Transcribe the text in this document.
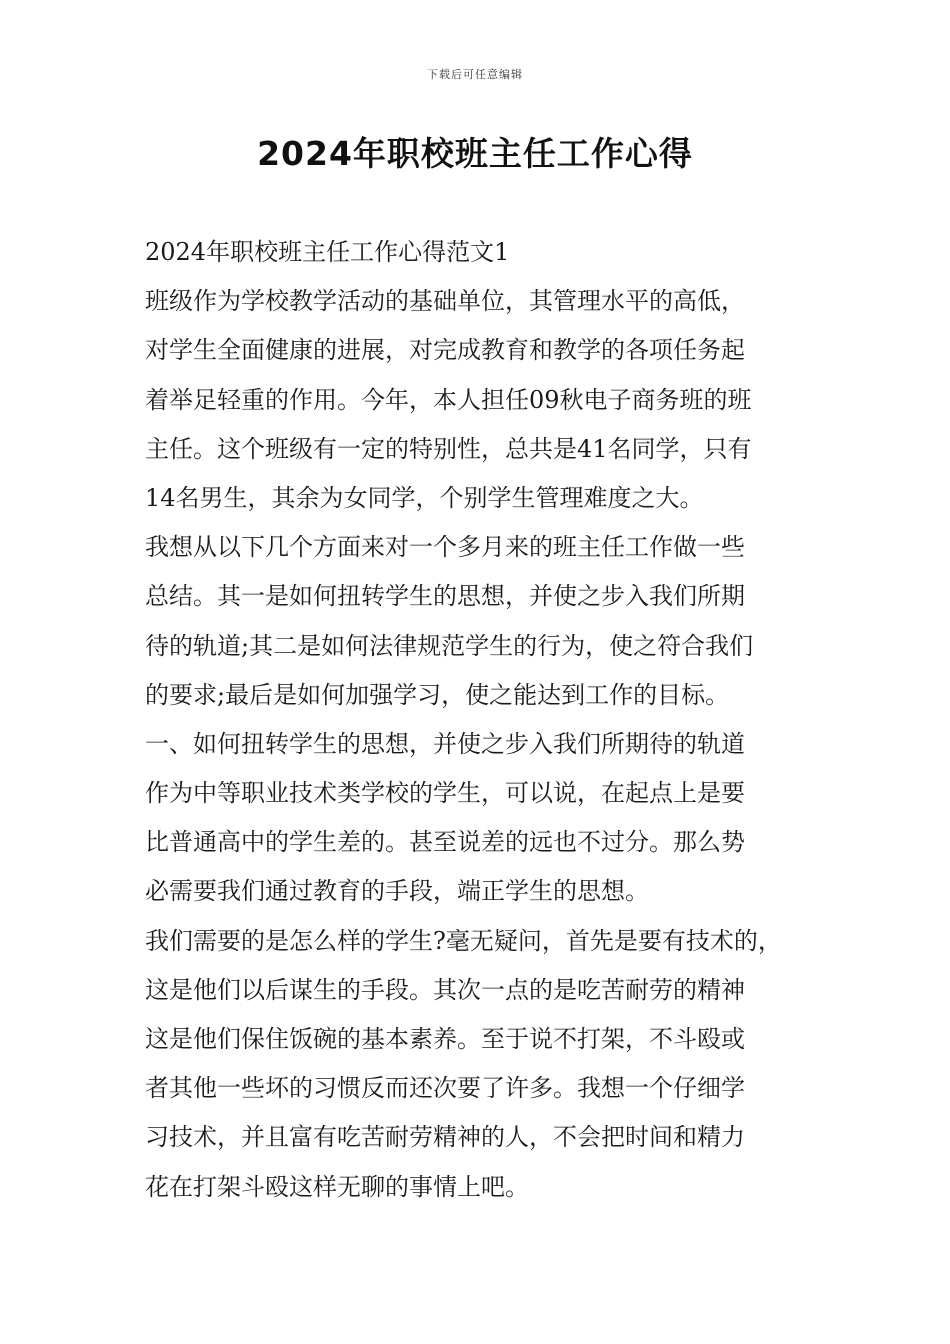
下载后可任意编辑
2024年职校班主任工作心得
2024年职校班主任工作心得范文1
班级作为学校教学活动的基础单位，其管理水平的高低，
对学生全面健康的进展，对完成教育和教学的各项任务起
着举足轻重的作用。今年，本人担任09秋电子商务班的班
主任。这个班级有一定的特别性，总共是41名同学，只有
14名男生，其余为女同学，个别学生管理难度之大。
我想从以下几个方面来对一个多月来的班主任工作做一些
总结。其一是如何扭转学生的思想，并使之步入我们所期
待的轨道;其二是如何法律规范学生的行为，使之符合我们
的要求;最后是如何加强学习，使之能达到工作的目标。
一、如何扭转学生的思想，并使之步入我们所期待的轨道
作为中等职业技术类学校的学生，可以说，在起点上是要
比普通高中的学生差的。甚至说差的远也不过分。那么势
必需要我们通过教育的手段，端正学生的思想。
我们需要的是怎么样的学生?毫无疑问，首先是要有技术的，
这是他们以后谋生的手段。其次一点的是吃苦耐劳的精神
这是他们保住饭碗的基本素养。至于说不打架，不斗殴或
者其他一些坏的习惯反而还次要了许多。我想一个仔细学
习技术，并且富有吃苦耐劳精神的人，不会把时间和精力
花在打架斗殴这样无聊的事情上吧。
